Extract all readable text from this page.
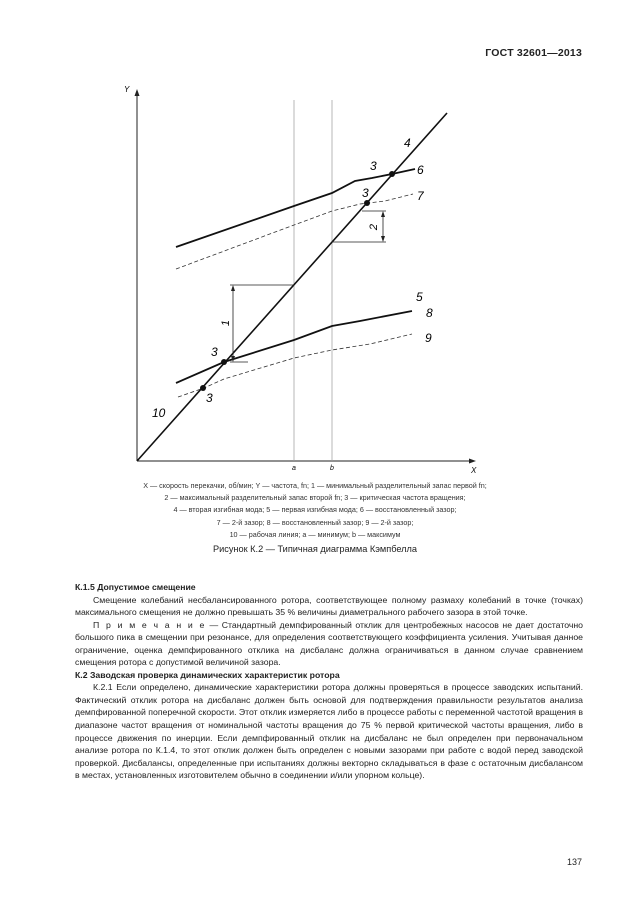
ГОСТ 32601—2013
Y
X
a	b
1
2
3
3
3
3
4
6
7
5
8
9
10
X — скорость перекачки, об/мин; Y — частота, fn; 1 — минимальный разделительный запас первой fn;
2 — максимальный разделительный запас второй fn; 3 — критическая частота вращения;
4 — вторая изгибная мода; 5 — первая изгибная мода; 6 — восстановленный зазор;
7 — 2-й зазор; 8 — восстановленный зазор; 9 — 2-й зазор;
10 — рабочая линия; a — минимум; b — максимум
Рисунок К.2 — Типичная диаграмма Кэмпбелла

К.1.5 Допустимое смещение

Смещение колебаний несбалансированного ротора, соответствующее полному размаху колебаний в точке (точках) максимального смещения не должно превышать 35 % величины диаметрального рабочего зазора в этой точке.

П р и м е ч а н и е — Стандартный демпфированный отклик для центробежных насосов не дает достаточно большого пика в смещении при резонансе, для определения соответствующего коэффициента усиления. Учитывая данное ограничение, оценка демпфированного отклика на дисбаланс должна ограничиваться в данном случае сравнением смещения ротора с допустимой величиной зазора.

К.2 Заводская проверка динамических характеристик ротора

К.2.1 Если определено, динамические характеристики ротора должны проверяться в процессе заводских испытаний. Фактический отклик ротора на дисбаланс должен быть основой для подтверждения правильности результатов анализа демпфированной поперечной скорости. Этот отклик измеряется либо в процессе работы с переменной частотой вращения в диапазоне частот вращения от номинальной частоты вращения до 75 % первой критической частоты вращения, либо в процессе движения по инерции. Если демпфированный отклик на дисбаланс не был определен при первоначальном анализе ротора по К.1.4, то этот отклик должен быть определен с новыми зазорами при работе с водой перед заводской проверкой. Дисбалансы, определенные при испытаниях должны векторно складываться в фазе с остаточным дисбалансом в местах, установленных изготовителем обычно в соединении и/или упорном кольце).

137
